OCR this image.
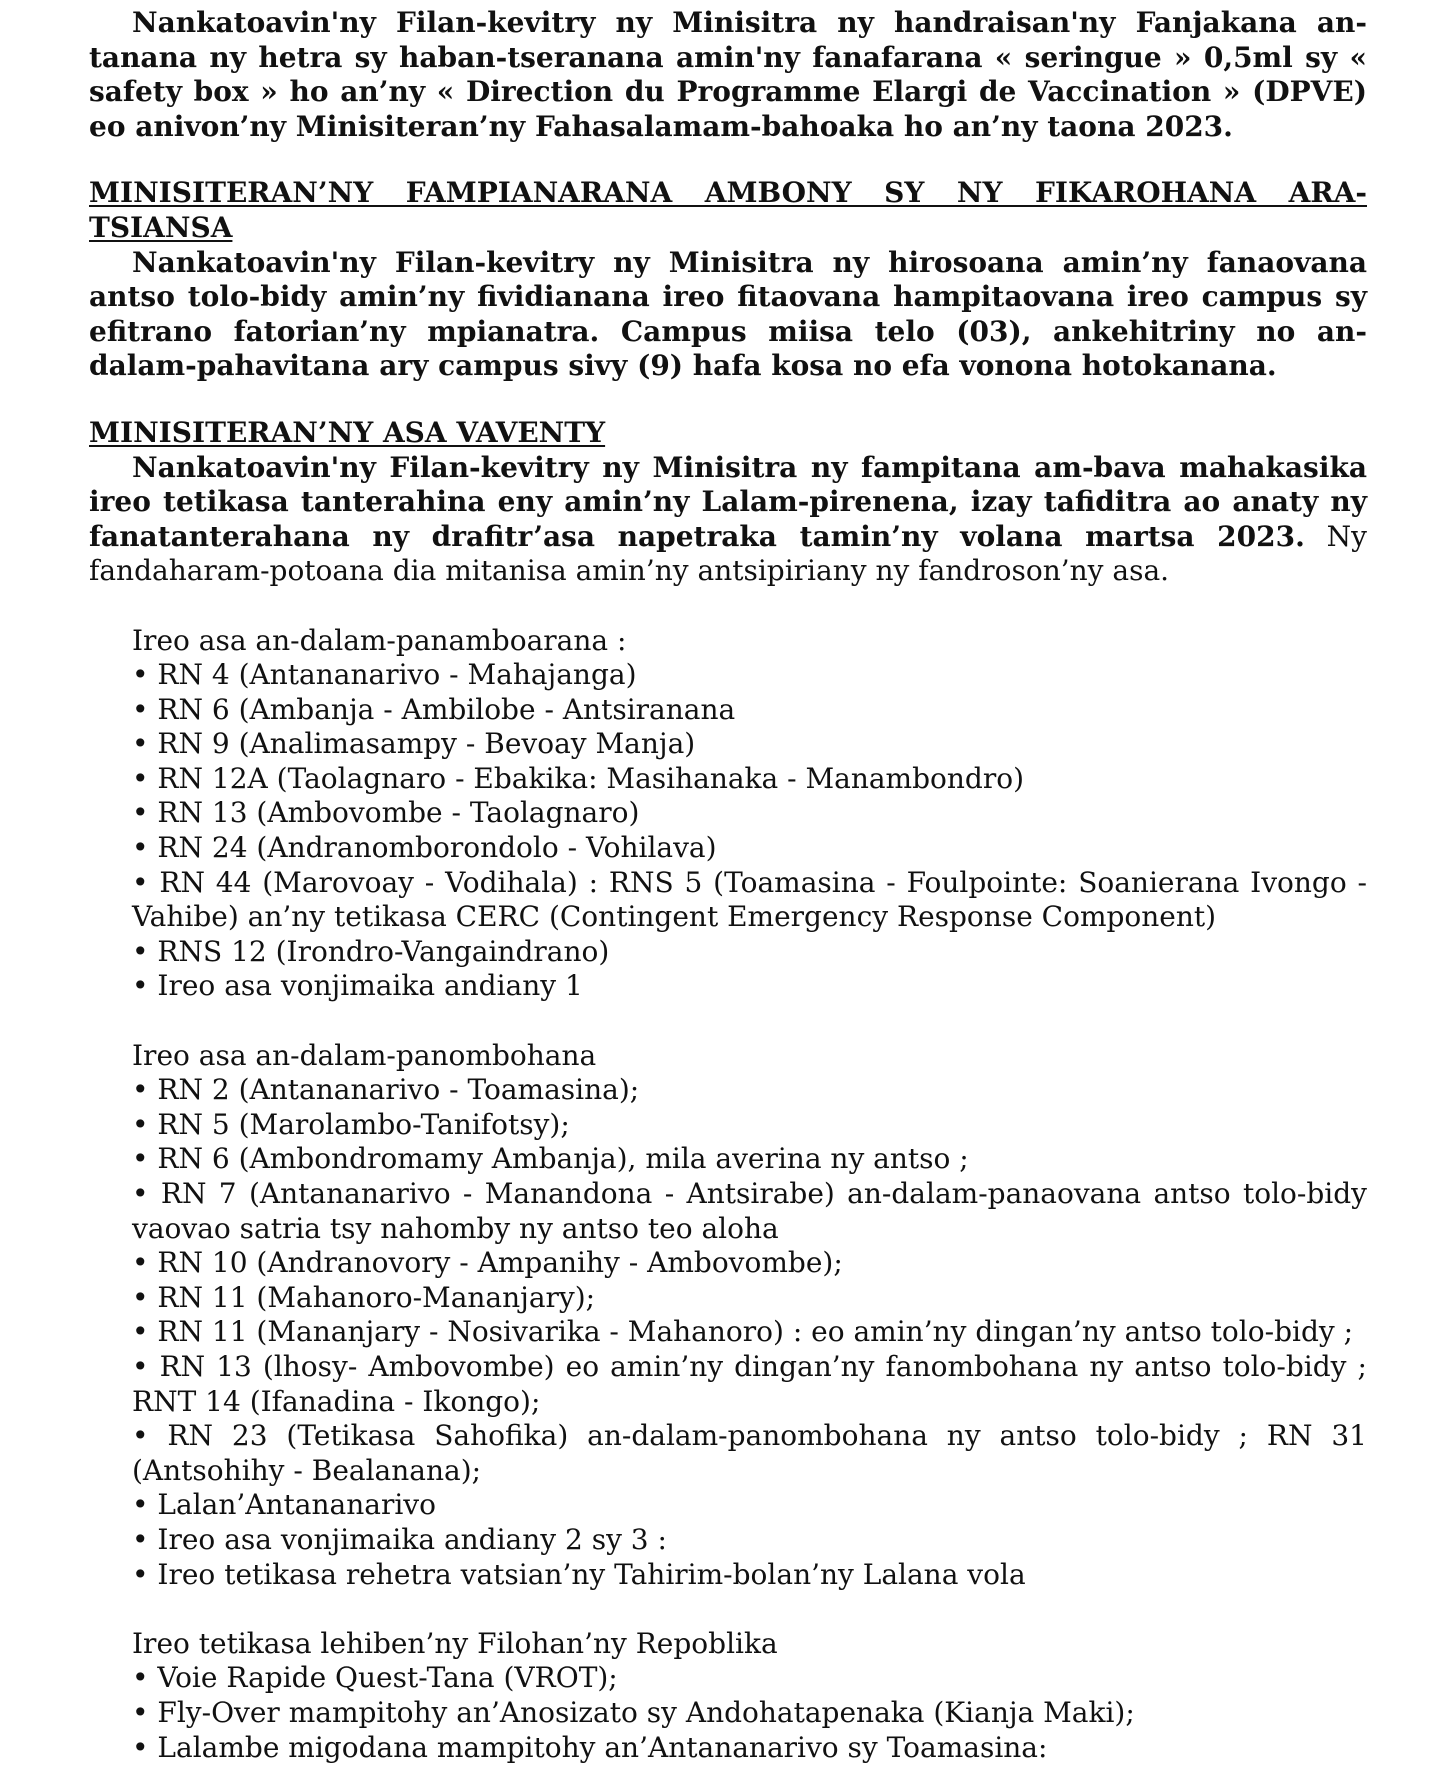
Nankatoavin'ny Filan-kevitry ny Minisitra ny handraisan'ny Fanjakana an-tanana ny hetra sy haban-tseranana amin'ny fanafarana « seringue » 0,5ml sy « safety box » ho an’ny « Direction du Programme Elargi de Vaccination » (DPVE) eo anivon’ny Minisiteran’ny Fahasalamam-bahoaka ho an’ny taona 2023.

MINISITERAN’NY FAMPIANARANA AMBONY SY NY FIKAROHANA ARA-TSIANSA

Nankatoavin'ny Filan-kevitry ny Minisitra ny hirosoana amin’ny fanaovana antso tolo-bidy amin’ny fividianana ireo fitaovana hampitaovana ireo campus sy efitrano fatorian’ny mpianatra. Campus miisa telo (03), ankehitriny no an-dalam-pahavitana ary campus sivy (9) hafa kosa no efa vonona hotokanana.

MINISITERAN’NY ASA VAVENTY

Nankatoavin'ny Filan-kevitry ny Minisitra ny fampitana am-bava mahakasika ireo tetikasa tanterahina eny amin’ny Lalam-pirenena, izay tafiditra ao anaty ny fanatanterahana ny drafitr’asa napetraka tamin’ny volana martsa 2023. Ny fandaharam-potoana dia mitanisa amin’ny antsipiriany ny fandroson’ny asa.

Ireo asa an-dalam-panamboarana :

• RN 4 (Antananarivo - Mahajanga)
• RN 6 (Ambanja - Ambilobe - Antsiranana
• RN 9 (Analimasampy - Bevoay Manja)
• RN 12A (Taolagnaro - Ebakika: Masihanaka - Manambondro)
• RN 13 (Ambovombe - Taolagnaro)
• RN 24 (Andranomborondolo - Vohilava)
• RN 44 (Marovoay - Vodihala) : RNS 5 (Toamasina - Foulpointe: Soanierana Ivongo - Vahibe) an’ny tetikasa CERC (Contingent Emergency Response Component)
• RNS 12 (Irondro-Vangaindrano)
• Ireo asa vonjimaika andiany 1

Ireo asa an-dalam-panombohana

• RN 2 (Antananarivo - Toamasina);
• RN 5 (Marolambo-Tanifotsy);
• RN 6 (Ambondromamy Ambanja), mila averina ny antso ;
• RN 7 (Antananarivo - Manandona - Antsirabe) an-dalam-panaovana antso tolo-bidy vaovao satria tsy nahomby ny antso teo aloha
• RN 10 (Andranovory - Ampanihy - Ambovombe);
• RN 11 (Mahanoro-Mananjary);
• RN 11 (Mananjary - Nosivarika - Mahanoro) : eo amin’ny dingan’ny antso tolo-bidy ;
• RN 13 (lhosy- Ambovombe) eo amin’ny dingan’ny fanombohana ny antso tolo-bidy ; RNT 14 (Ifanadina - Ikongo);
• RN 23 (Tetikasa Sahofika) an-dalam-panombohana ny antso tolo-bidy ; RN 31 (Antsohihy - Bealanana);
• Lalan’Antananarivo
• Ireo asa vonjimaika andiany 2 sy 3 :
• Ireo tetikasa rehetra vatsian’ny Tahirim-bolan’ny Lalana vola

Ireo tetikasa lehiben’ny Filohan’ny Repoblika

• Voie Rapide Quest-Tana (VROT);
• Fly-Over mampitohy an’Anosizato sy Andohatapenaka (Kianja Maki);
• Lalambe migodana mampitohy an’Antananarivo sy Toamasina:
